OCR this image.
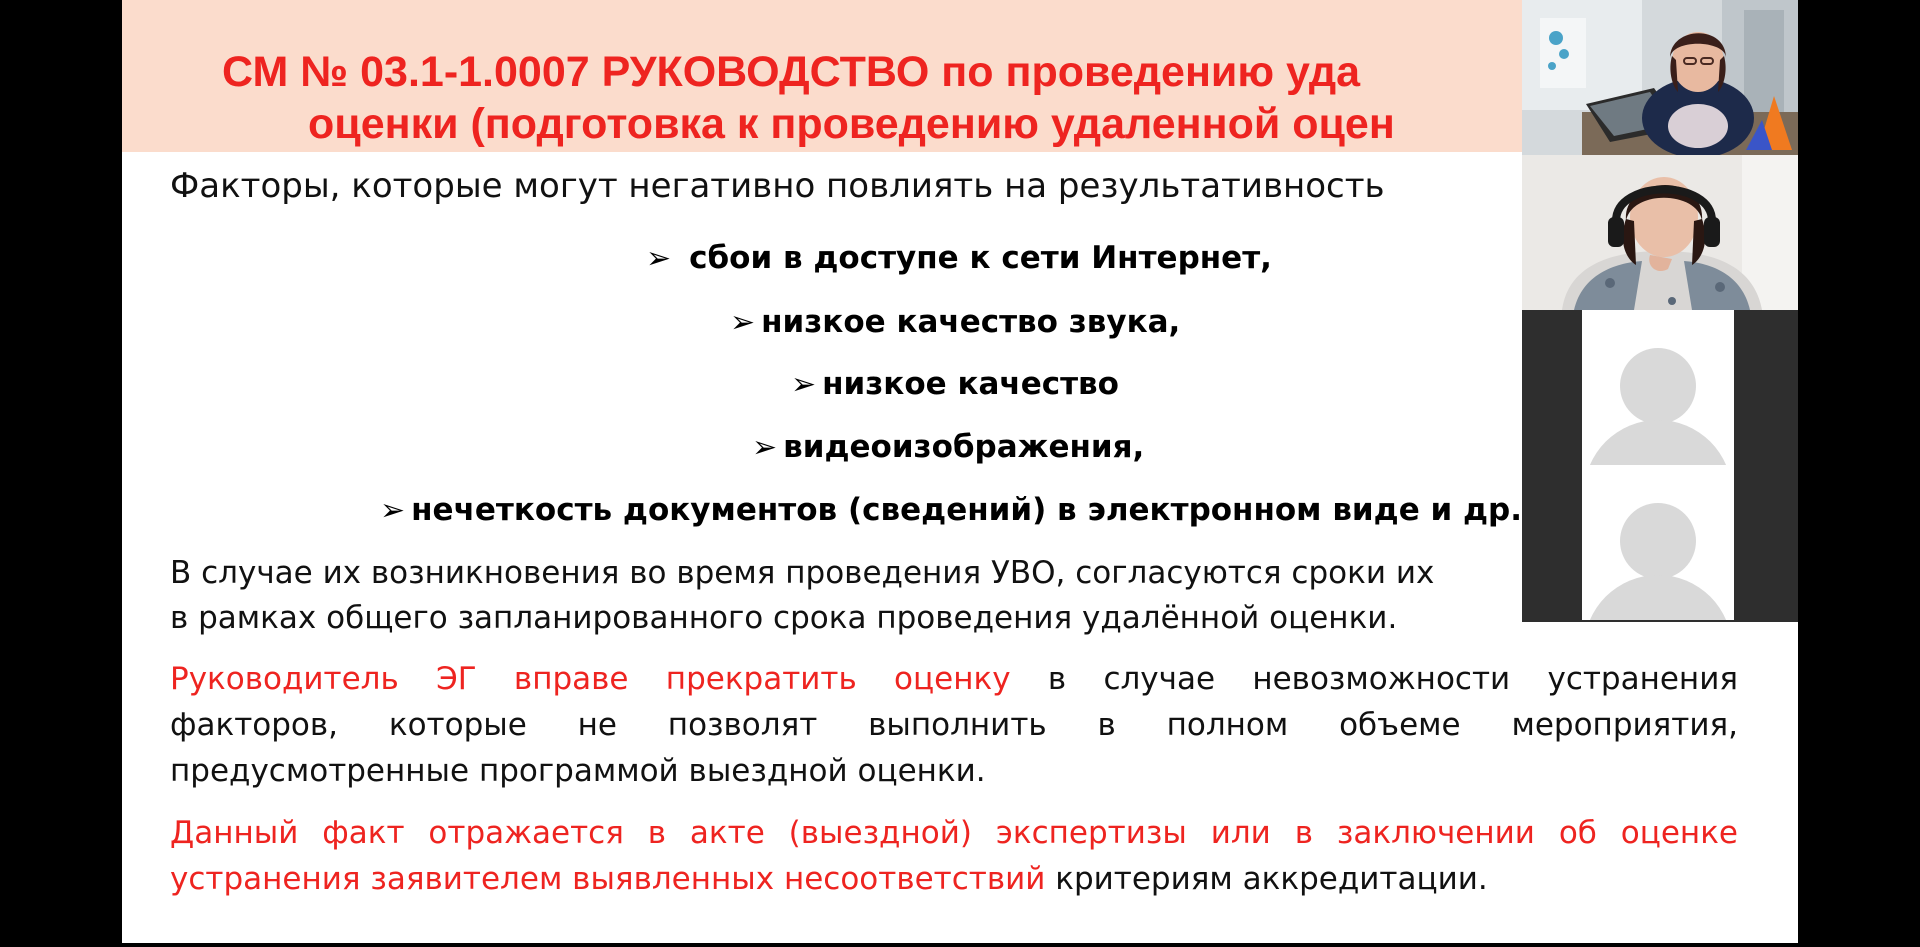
СМ № 03.1-1.0007 РУКОВОДСТВО по проведению уда
оценки (подготовка к проведению удаленной оцен
Факторы, которые могут негативно повлиять на результативность
➢ сбои в доступе к сети Интернет,
➢ низкое качество звука,
➢ низкое качество
➢ видеоизображения,
➢ нечеткость документов (сведений) в электронном виде и др.
В случае их возникновения во время проведения УВО, согласуются сроки их
в рамках общего запланированного срока проведения удалённой оценки.
Руководитель ЭГ вправе прекратить оценку в случае невозможности устранения
факторов, которые не позволят выполнить в полном объеме мероприятия,
предусмотренные программой выездной оценки.
Данный факт отражается в акте (выездной) экспертизы или в заключении об оценке
устранения заявителем выявленных несоответствий критериям аккредитации.
